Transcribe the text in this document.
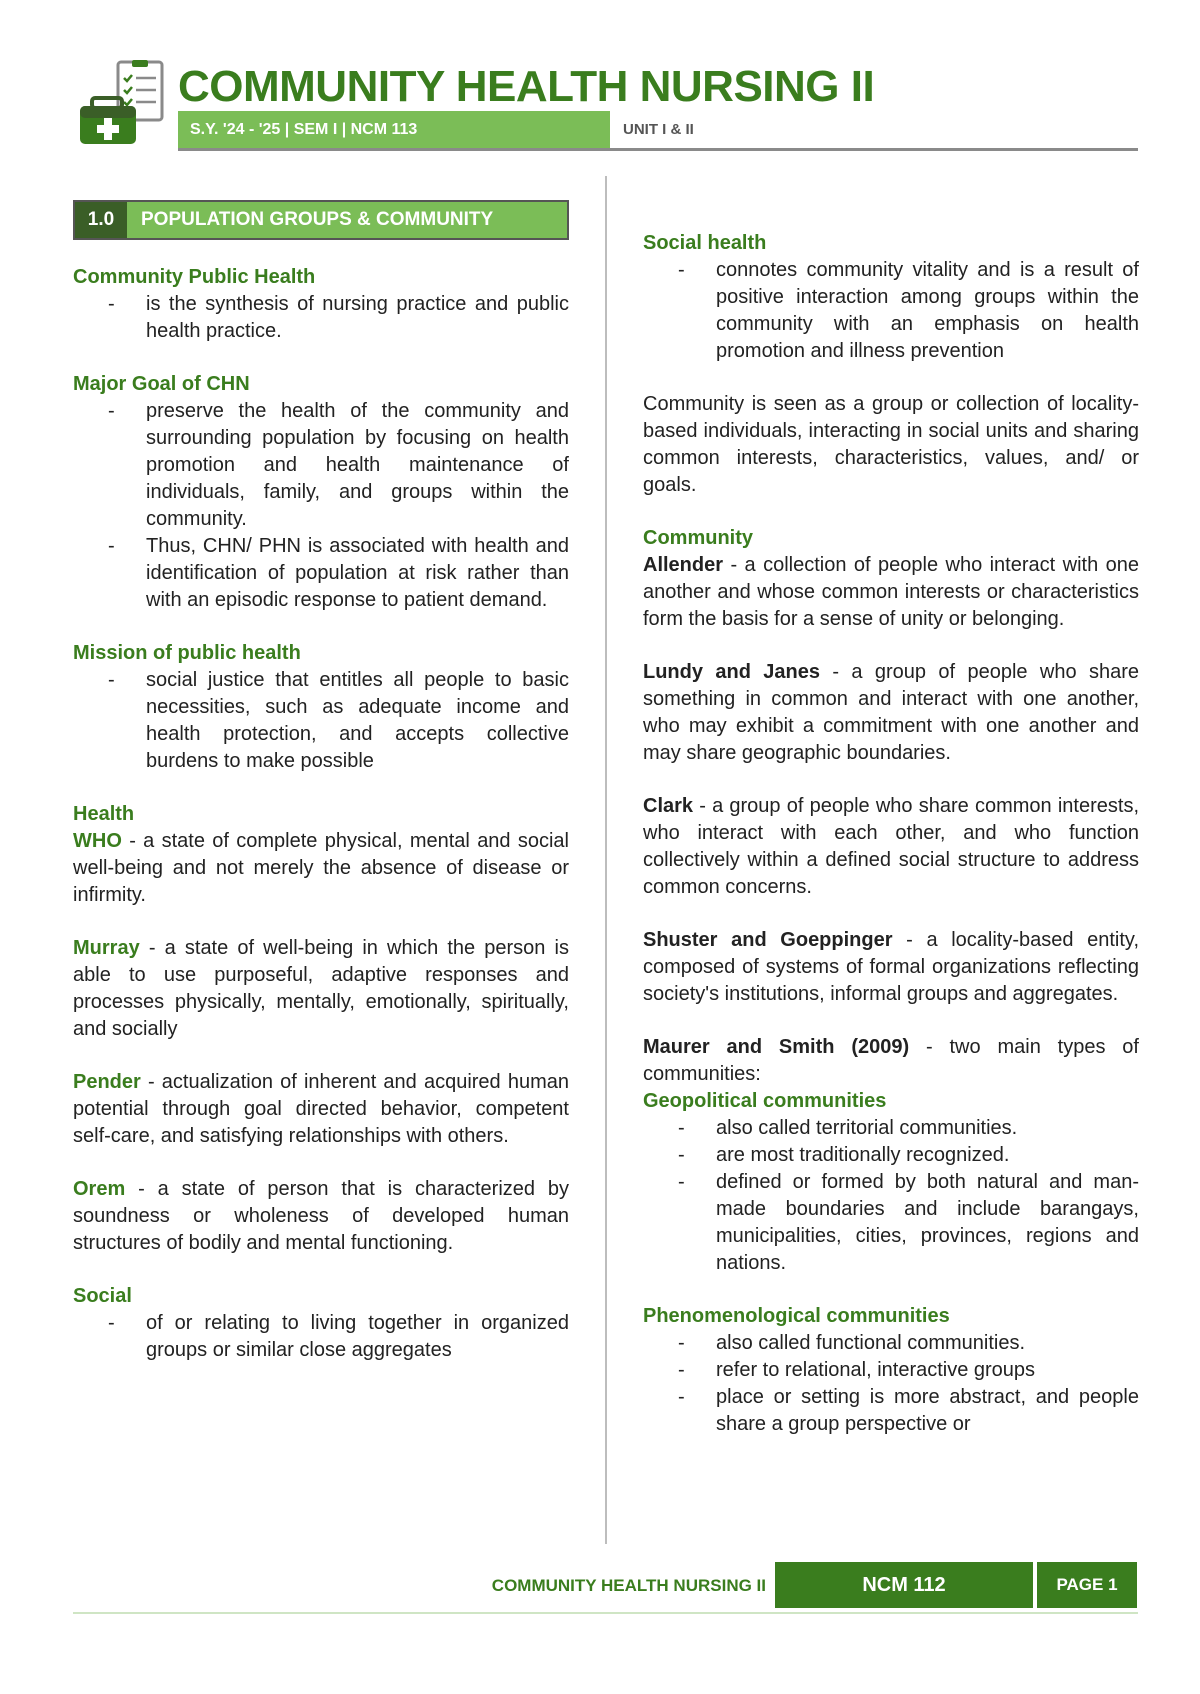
COMMUNITY HEALTH NURSING II
S.Y. '24 - '25 | SEM I | NCM 113	UNIT I & II
1.0	POPULATION GROUPS & COMMUNITY
Community Public Health
- is the synthesis of nursing practice and public health practice.
Major Goal of CHN
- preserve the health of the community and surrounding population by focusing on health promotion and health maintenance of individuals, family, and groups within the community.
- Thus, CHN/ PHN is associated with health and identification of population at risk rather than with an episodic response to patient demand.
Mission of public health
- social justice that entitles all people to basic necessities, such as adequate income and health protection, and accepts collective burdens to make possible
Health

WHO - a state of complete physical, mental and social well-being and not merely the absence of disease or infirmity.

Murray - a state of well-being in which the person is able to use purposeful, adaptive responses and processes physically, mentally, emotionally, spiritually, and socially

Pender - actualization of inherent and acquired human potential through goal directed behavior, competent self-care, and satisfying relationships with others.

Orem - a state of person that is characterized by soundness or wholeness of developed human structures of bodily and mental functioning.

Social
- of or relating to living together in organized groups or similar close aggregates
Social health
- connotes community vitality and is a result of positive interaction among groups within the community with an emphasis on health promotion and illness prevention

Community is seen as a group or collection of locality-based individuals, interacting in social units and sharing common interests, characteristics, values, and/ or goals.

Community

Allender - a collection of people who interact with one another and whose common interests or characteristics form the basis for a sense of unity or belonging.

Lundy and Janes - a group of people who share something in common and interact with one another, who may exhibit a commitment with one another and may share geographic boundaries.

Clark - a group of people who share common interests, who interact with each other, and who function collectively within a defined social structure to address common concerns.

Shuster and Goeppinger - a locality-based entity, composed of systems of formal organizations reflecting society's institutions, informal groups and aggregates.

Maurer and Smith (2009) - two main types of communities:

Geopolitical communities
- also called territorial communities.
- are most traditionally recognized.
- defined or formed by both natural and man-made boundaries and include barangays, municipalities, cities, provinces, regions and nations.
Phenomenological communities
- also called functional communities.
- refer to relational, interactive groups
- place or setting is more abstract, and people share a group perspective or
COMMUNITY HEALTH NURSING II	NCM 112	PAGE 1
